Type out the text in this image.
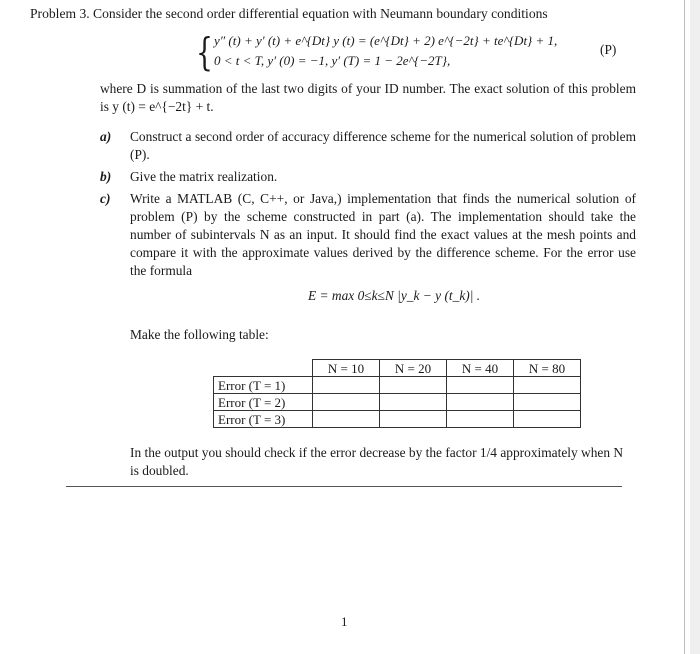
Problem 3. Consider the second order differential equation with Neumann boundary conditions
{ y″ (t) + y′ (t) + e^{Dt} y (t) = (e^{Dt} + 2) e^{−2t} + te^{Dt} + 1,
0 < t < T, y′ (0) = −1, y′ (T) = 1 − 2e^{−2T},
(P)
where D is summation of the last two digits of your ID number. The exact solution of this problem is y (t) = e^{−2t} + t.
a) Construct a second order of accuracy difference scheme for the numerical solution of problem (P).
b) Give the matrix realization.
c) Write a MATLAB (C, C++, or Java,) implementation that finds the numerical solution of problem (P) by the scheme constructed in part (a). The implementation should take the number of subintervals N as an input. It should find the exact values at the mesh points and compare it with the approximate values derived by the difference scheme. For the error use the formula
E = max 0≤k≤N |y_k − y (t_k)| .
Make the following table:
	N = 10	N = 20	N = 40	N = 80
Error (T = 1)				
Error (T = 2)				
Error (T = 3)				
In the output you should check if the error decrease by the factor 1/4 approximately when N is doubled.
1
